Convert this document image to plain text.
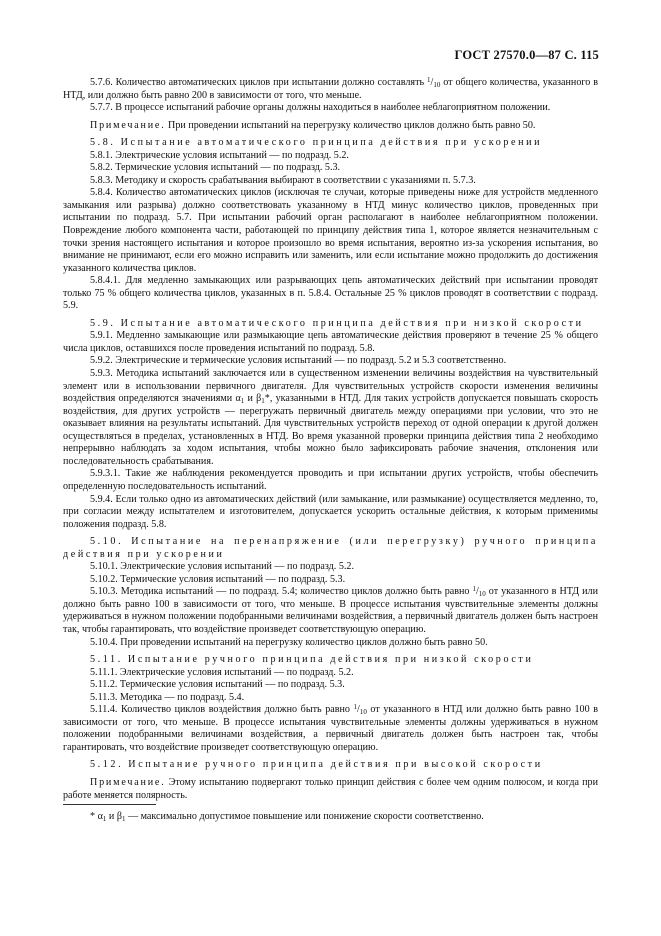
ГОСТ 27570.0—87 С. 115

5.7.6. Количество автоматических циклов при испытании должно составлять $^1/_{10}$ от общего количества, указанного в НТД, или должно быть равно 200 в зависимости от того, что меньше.

5.7.7. В процессе испытаний рабочие органы должны находиться в наиболее неблагоприятном положении.

Примечание. При проведении испытаний на перегрузку количество циклов должно быть равно 50.

5.8. Испытание автоматического принципа действия при ускорении

5.8.1. Электрические условия испытаний — по подразд. 5.2.

5.8.2. Термические условия испытаний — по подразд. 5.3.

5.8.3. Методику и скорость срабатывания выбирают в соответствии с указаниями п. 5.7.3.

5.8.4. Количество автоматических циклов (исключая те случаи, которые приведены ниже для устройств медленного замыкания или разрыва) должно соответствовать указанному в НТД минус количество циклов, проведенных при испытании по подразд. 5.7. При испытании рабочий орган располагают в наиболее неблагоприятном положении. Повреждение любого компонента части, работающей по принципу действия типа 1, которое является незначительным с точки зрения настоящего испытания и которое произошло во время испытания, вероятно из-за ускорения испытания, во внимание не принимают, если его можно исправить или заменить, или если испытание можно продолжить до достижения указанного количества циклов.

5.8.4.1. Для медленно замыкающих или разрывающих цепь автоматических действий при испытании проводят только 75 % общего количества циклов, указанных в п. 5.8.4. Остальные 25 % циклов проводят в соответствии с подразд. 5.9.

5.9. Испытание автоматического принципа действия при низкой скорости

5.9.1. Медленно замыкающие или размыкающие цепь автоматические действия проверяют в течение 25 % общего числа циклов, оставшихся после проведения испытаний по подразд. 5.8.

5.9.2. Электрические и термические условия испытаний — по подразд. 5.2 и 5.3 соответственно.

5.9.3. Методика испытаний заключается или в существенном изменении величины воздействия на чувствительный элемент или в использовании первичного двигателя. Для чувствительных устройств скорости изменения величины воздействия определяются значениями $\alpha_1$ и $\beta_1*$, указанными в НТД. Для таких устройств допускается повышать скорость воздействия, для других устройств — перегружать первичный двигатель между операциями при условии, что это не оказывает влияния на результаты испытаний. Для чувствительных устройств переход от одной операции к другой должен осуществляться в пределах, установленных в НТД. Во время указанной проверки принципа действия типа 2 необходимо непрерывно наблюдать за ходом испытания, чтобы можно было зафиксировать рабочие значения, отклонения или последовательность срабатывания.

5.9.3.1. Такие же наблюдения рекомендуется проводить и при испытании других устройств, чтобы обеспечить определенную последовательность испытаний.

5.9.4. Если только одно из автоматических действий (или замыкание, или размыкание) осуществляется медленно, то, при согласии между испытателем и изготовителем, допускается ускорить остальные действия, к которым применимы положения подразд. 5.8.

5.10. Испытание на перенапряжение (или перегрузку) ручного принципа действия при ускорении

5.10.1. Электрические условия испытаний — по подразд. 5.2.

5.10.2. Термические условия испытаний — по подразд. 5.3.

5.10.3. Методика испытаний — по подразд. 5.4; количество циклов должно быть равно $^1/_{10}$ от указанного в НТД или должно быть равно 100 в зависимости от того, что меньше. В процессе испытания чувствительные элементы должны удерживаться в нужном положении подобранными величинами воздействия, а первичный двигатель должен быть настроен так, чтобы гарантировать, что воздействие произведет соответствующую операцию.

5.10.4. При проведении испытаний на перегрузку количество циклов должно быть равно 50.

5.11. Испытание ручного принципа действия при низкой скорости

5.11.1. Электрические условия испытаний — по подразд. 5.2.

5.11.2. Термические условия испытаний — по подразд. 5.3.

5.11.3. Методика — по подразд. 5.4.

5.11.4. Количество циклов воздействия должно быть равно $^1/_{10}$ от указанного в НТД или должно быть равно 100 в зависимости от того, что меньше. В процессе испытания чувствительные элементы должны удерживаться в нужном положении подобранными величинами воздействия, а первичный двигатель должен быть настроен так, чтобы гарантировать, что воздействие произведет соответствующую операцию.

5.12. Испытание ручного принципа действия при высокой скорости

Примечание. Этому испытанию подвергают только принцип действия с более чем одним полюсом, и когда при работе меняется полярность.

* $\alpha_1$ и $\beta_1$ — максимально допустимое повышение или понижение скорости соответственно.
